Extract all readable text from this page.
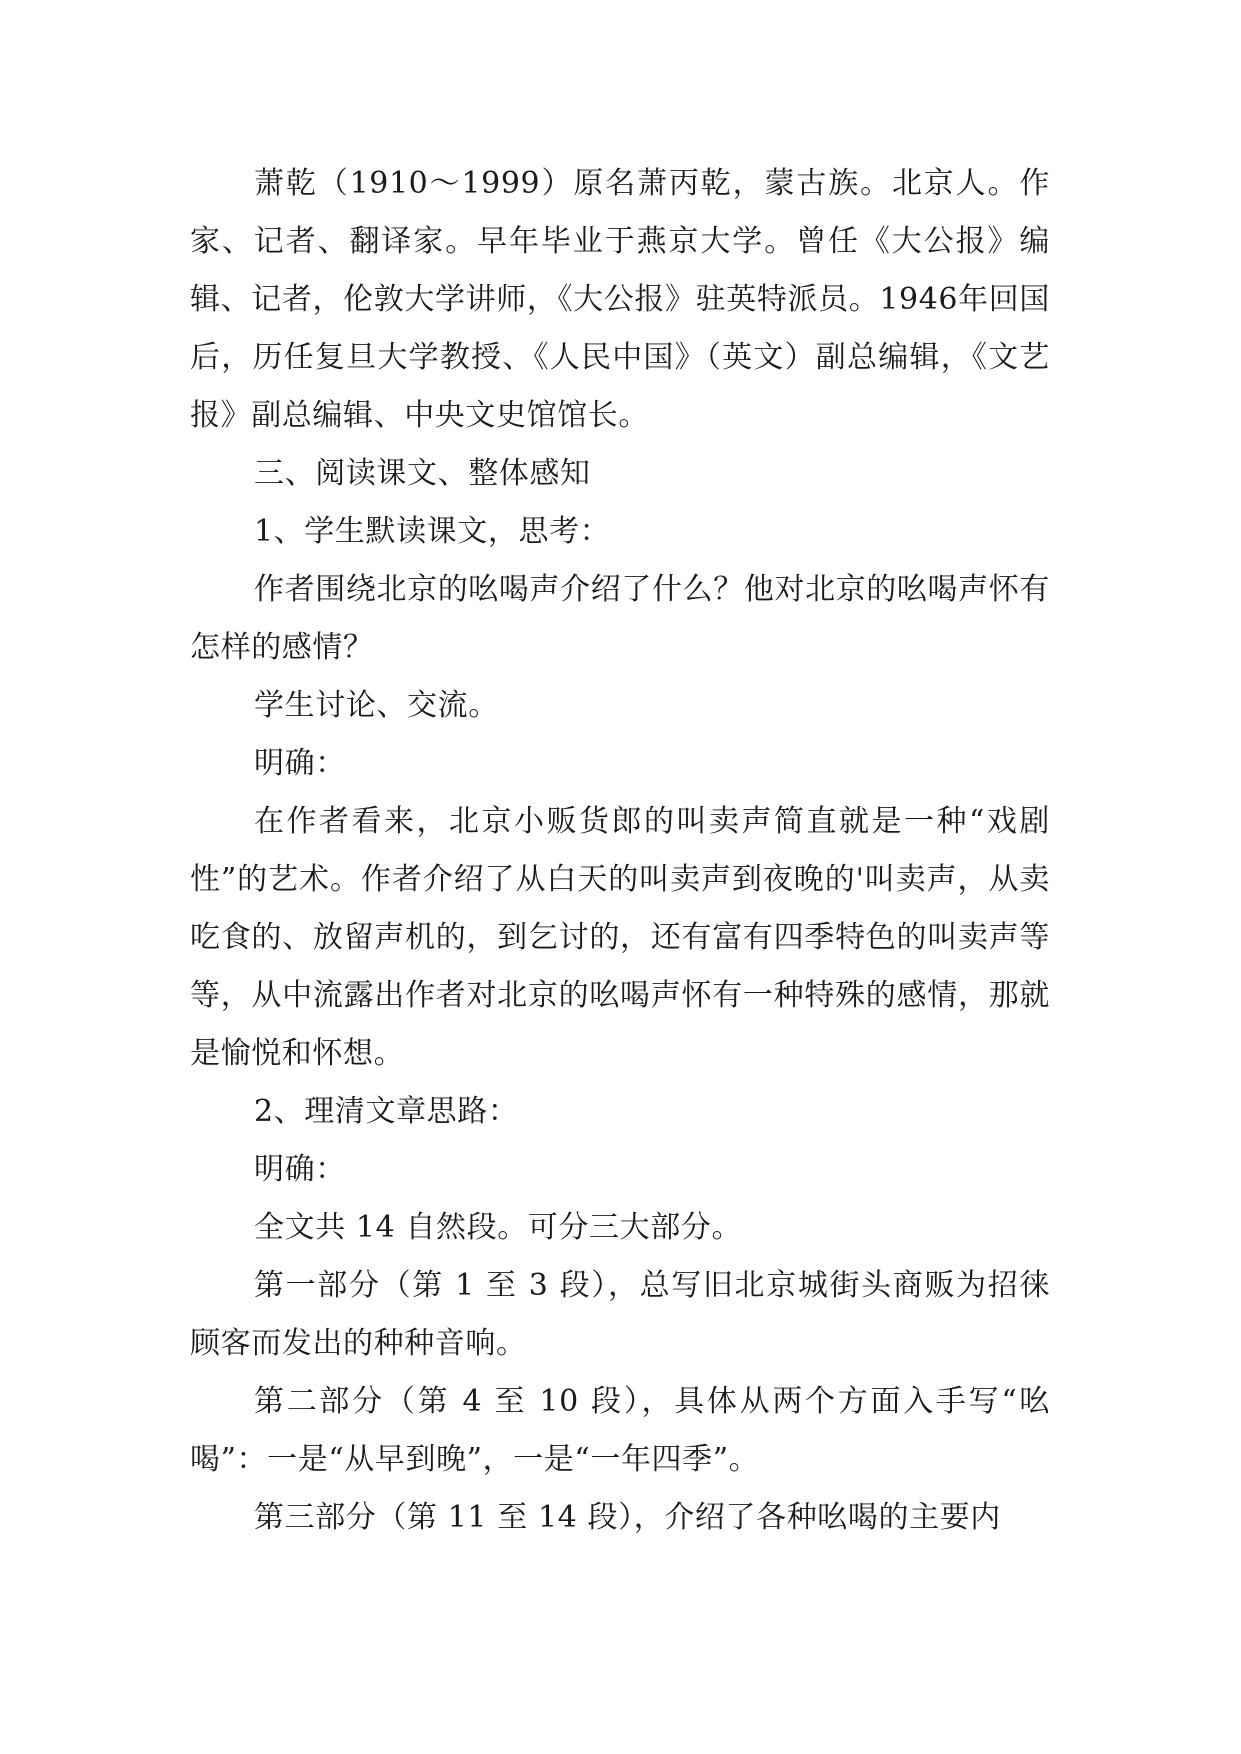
萧乾（1910～1999）原名萧丙乾，蒙古族。北京人。作家、记者、翻译家。早年毕业于燕京大学。曾任《大公报》编辑、记者，伦敦大学讲师，《大公报》驻英特派员。1946年回国后，历任复旦大学教授、《人民中国》（英文）副总编辑，《文艺报》副总编辑、中央文史馆馆长。

三、阅读课文、整体感知

1、学生默读课文，思考：

作者围绕北京的吆喝声介绍了什么？他对北京的吆喝声怀有怎样的感情？

学生讨论、交流。

明确：

在作者看来，北京小贩货郎的叫卖声简直就是一种“戏剧性”的艺术。作者介绍了从白天的叫卖声到夜晚的'叫卖声，从卖吃食的、放留声机的，到乞讨的，还有富有四季特色的叫卖声等等，从中流露出作者对北京的吆喝声怀有一种特殊的感情，那就是愉悦和怀想。

2、理清文章思路：

明确：

全文共 14 自然段。可分三大部分。

第一部分（第 1 至 3 段），总写旧北京城街头商贩为招徕顾客而发出的种种音响。

第二部分（第 4 至 10 段），具体从两个方面入手写“吆喝”：一是“从早到晚”，一是“一年四季”。

第三部分（第 11 至 14 段），介绍了各种吆喝的主要内
